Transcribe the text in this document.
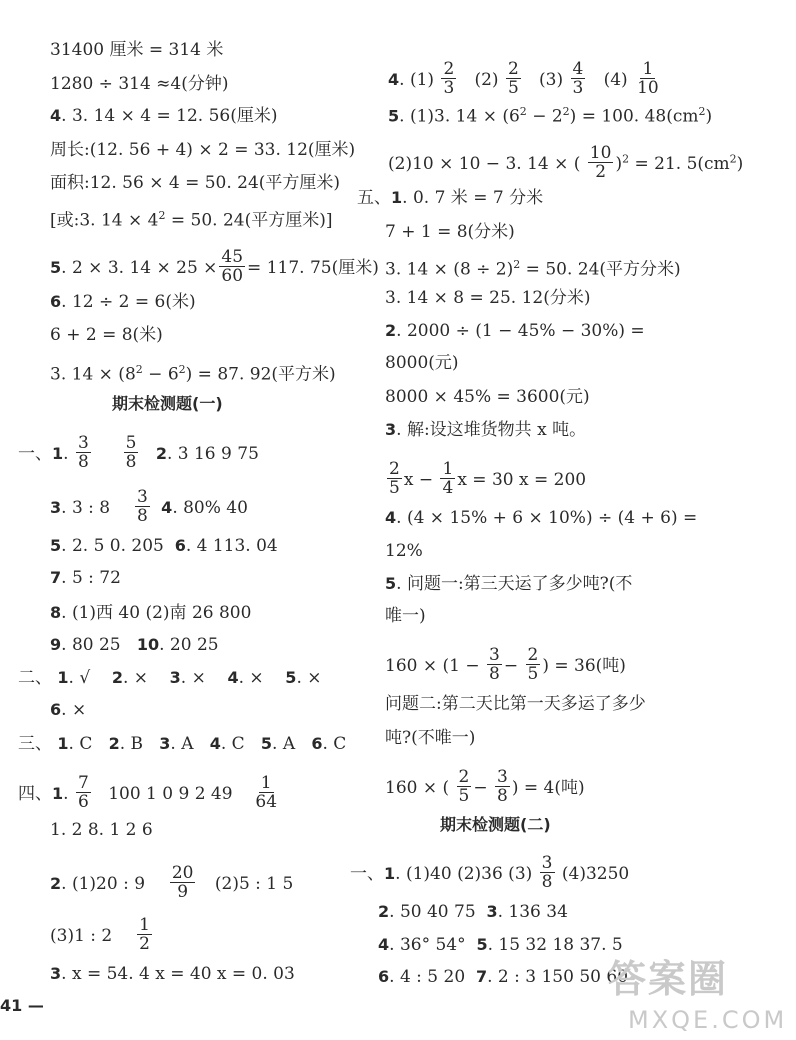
31400 厘米 = 314 米
1280 ÷ 314 ≈4(分钟)
4. 3. 14 × 4 = 12. 56(厘米)
周长:(12. 56 + 4) × 2 = 33. 12(厘米)
面积:12. 56 × 4 = 50. 24(平方厘米)
[或:3. $14 \times 4^2 = 50$. 24(平方厘米)]
5. 2 × 3. $14 \times 25 \times \frac{45}{60} = 117$. 75(厘米)
6. 12 ÷ 2 = 6(米)
6 + 2 = 8(米)
3. $14 \times (8^2 - 6^2) = 87$. 92(平方米)
期末检测题(一)
一、1. $\frac{3}{8}$
$\frac{5}{8} 2$. 3 16 9 75
3. 3 : $8 \frac{3}{8} 4$. 80% 40
5. 2. 5 0. 205 6. 4 113. 04
7. 5 : 72
8. (1)西 40 (2)南 26 800
9. 80 25 10. 20 25
二、 1. √ 2. × 3. × 4. × 5. ×
6. ×
三、 1. C 2. B 3. A 4. C 5. A 6. C
四、1. $\frac{7}{6} 100$ 1 0 9 2 $49 \frac{1}{64}$
1. 2 8. 1 2 6
2. (1)20 : $9 \frac{20}{9} (2)5$ : 1 5
(3)1 : $2 \frac{1}{2}$
3. x = 54. 4 x = 40 x = 0. 03
41 —
4. $(1) \frac{2}{3} (2) \frac{2}{5} (3) \frac{4}{3} (4) \frac{1}{10}$
5. (1)3. $14 \times (6^2 - 2^2) = 100$. $48(cm^2)$
(2)10 × 10 − 3. 14 × ( $\frac{10}{2} )^2 = 21$. $5(cm^2)$
五、1. 0. 7 米 = 7 分米
7 + 1 = 8(分米)
3. $14 \times (8 \div 2)^2 = 50$. 24(平方分米)
3. 14 × 8 = 25. 12(分米)
2. 2000 ÷ (1 − 45% − 30%) =
8000(元)
8000 × 45% = 3600(元)
3. 解:设这堆货物共 x 吨。
$\frac{2}{5}$ $x - \frac{1}{4}$ x = 30 x = 200
4. (4 × 15% + 6 × 10%) ÷ (4 + 6) =
12%
5. 问题一:第三天运了多少吨?(不
唯一)
$160 \times (1 - \frac{3}{8} - \frac{2}{5}$ ) = 36(吨)
问题二:第二天比第一天多运了多少
吨?(不唯一)
160 × ( $\frac{2}{5} - \frac{3}{8}$ ) = 4(吨)
期末检测题(二)
一、1. (1)40 (2)36 $(3) \frac{3}{8} (4)3250$
2. 50 40 75 3. 136 34
4. 36° 54° 5. 15 32 18 37. 5
6. 4 : 5 20 7. 2 : 3 150 50 60
答案圈
MXQE.COM
